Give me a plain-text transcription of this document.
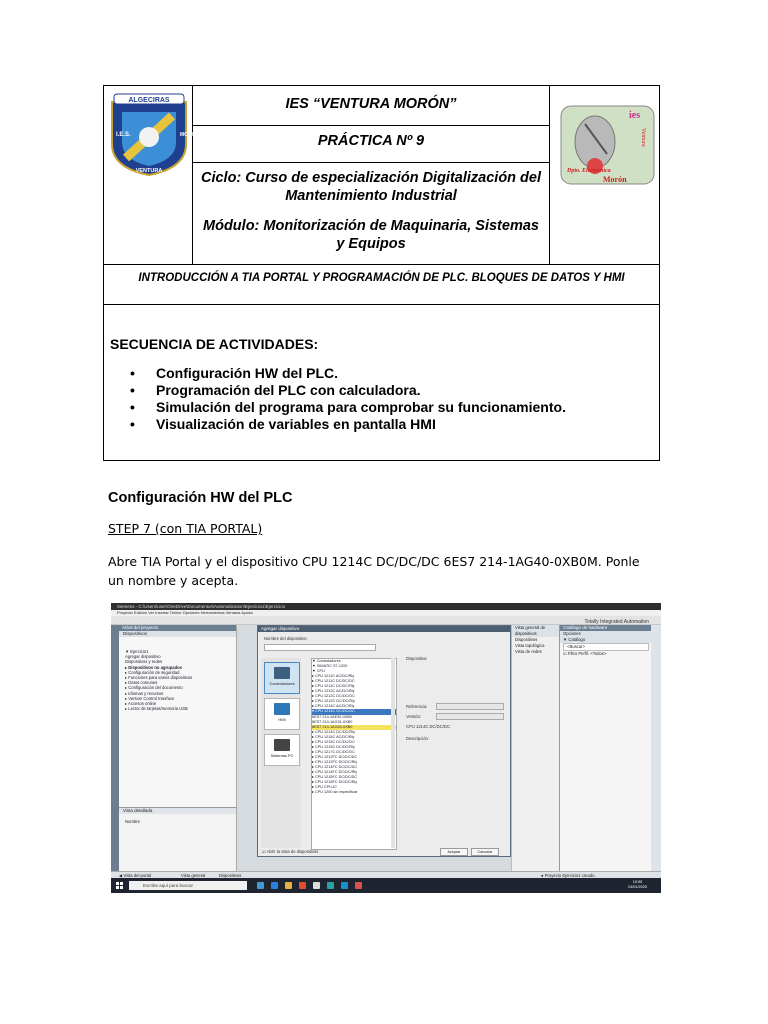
ALGECIRAS
I.E.S.
VENTURA
MORON
IES “VENTURA MORÓN”
PRÁCTICA Nº 9
Ciclo: Curso de especialización Digitalización del Mantenimiento Industrial
Módulo: Monitorización de Maquinaria, Sistemas y Equipos
ies
Ventura
Dpto. Electrónica
Morón
INTRODUCCIÓN A TIA PORTAL Y PROGRAMACIÓN DE PLC. BLOQUES DE DATOS Y HMI
SECUENCIA DE ACTIVIDADES:
• Configuración HW del PLC.
• Programación del PLC con calculadora.
• Simulación del programa para comprobar su funcionamiento.
• Visualización de variables en pantalla HMI
Configuración HW del PLC
STEP 7 (con TIA PORTAL)
Abre TIA Portal y el dispositivo CPU 1214C DC/DC/DC 6ES7 214-1AG40-0XB0M. Ponle un nombre y acepta.
Siemens - C:\Users\user\OneDrive\Documentos\Automatization\Ejercicio1\Ejercicio1
Proyecto Edición Ver Insertar Online Opciones Herramientas Ventana Ayuda
Totally Integrated Automation
Árbol del proyecto
Dispositivos
▼ Ejercicio1
Agregar dispositivo
Dispositivos y redes
▸ Dispositivos no agrupados
▸ Configuración de seguridad
▸ Funciones para varios dispositivos
▸ Datos comunes
▸ Configuración del documento
▸ Idiomas y recursos
▸ Version Control Interface
▸ Accesos online
▸ Lector de tarjetas/memoria USB
Vista detallada
Nombre
Vista general de dispositivos
Dispositivos
Vista topológica
Vista de redes
Catálogo de hardware
Opciones
▼ Catálogo
<Buscar>
☑ Filtro Perfil: <Todos>
Agregar dispositivo
Nombre del dispositivo:
Controladores
HMI
Sistemas PC
▼ Controladores
▼ SIMATIC S7-1200
▼ CPU
▸ CPU 1211C AC/DC/Rly
▸ CPU 1211C DC/DC/DC
▸ CPU 1211C DC/DC/Rly
▸ CPU 1212C AC/DC/Rly
▸ CPU 1212C DC/DC/DC
▸ CPU 1212C DC/DC/Rly
▸ CPU 1214C AC/DC/Rly
▾ CPU 1214C DC/DC/DC
6ES7 214-1AE30-0XB0
6ES7 214-1AG31-0XB0
6ES7 214-1AG40-0XB0
▸ CPU 1214C DC/DC/Rly
▸ CPU 1215C AC/DC/Rly
▸ CPU 1215C DC/DC/DC
▸ CPU 1215C DC/DC/Rly
▸ CPU 1217C DC/DC/DC
▸ CPU 1212FC DC/DC/DC
▸ CPU 1212FC DC/DC/Rly
▸ CPU 1214FC DC/DC/DC
▸ CPU 1214FC DC/DC/Rly
▸ CPU 1215FC DC/DC/DC
▸ CPU 1215FC DC/DC/Rly
▸ CPU CPLUC
▸ CPU 1200 sin especificar
Dispositivo:
Referencia:
Versión:
CPU 1214C DC/DC/DC
Descripción:
☑ Abrir la vista de dispositivos	Aceptar	Cancelar
◀ Vista del portal	Vista general	Dispositivos	● Proyecto Ejercicio1 creado.
Escribe aquí para buscar
19:35
24/01/2020
